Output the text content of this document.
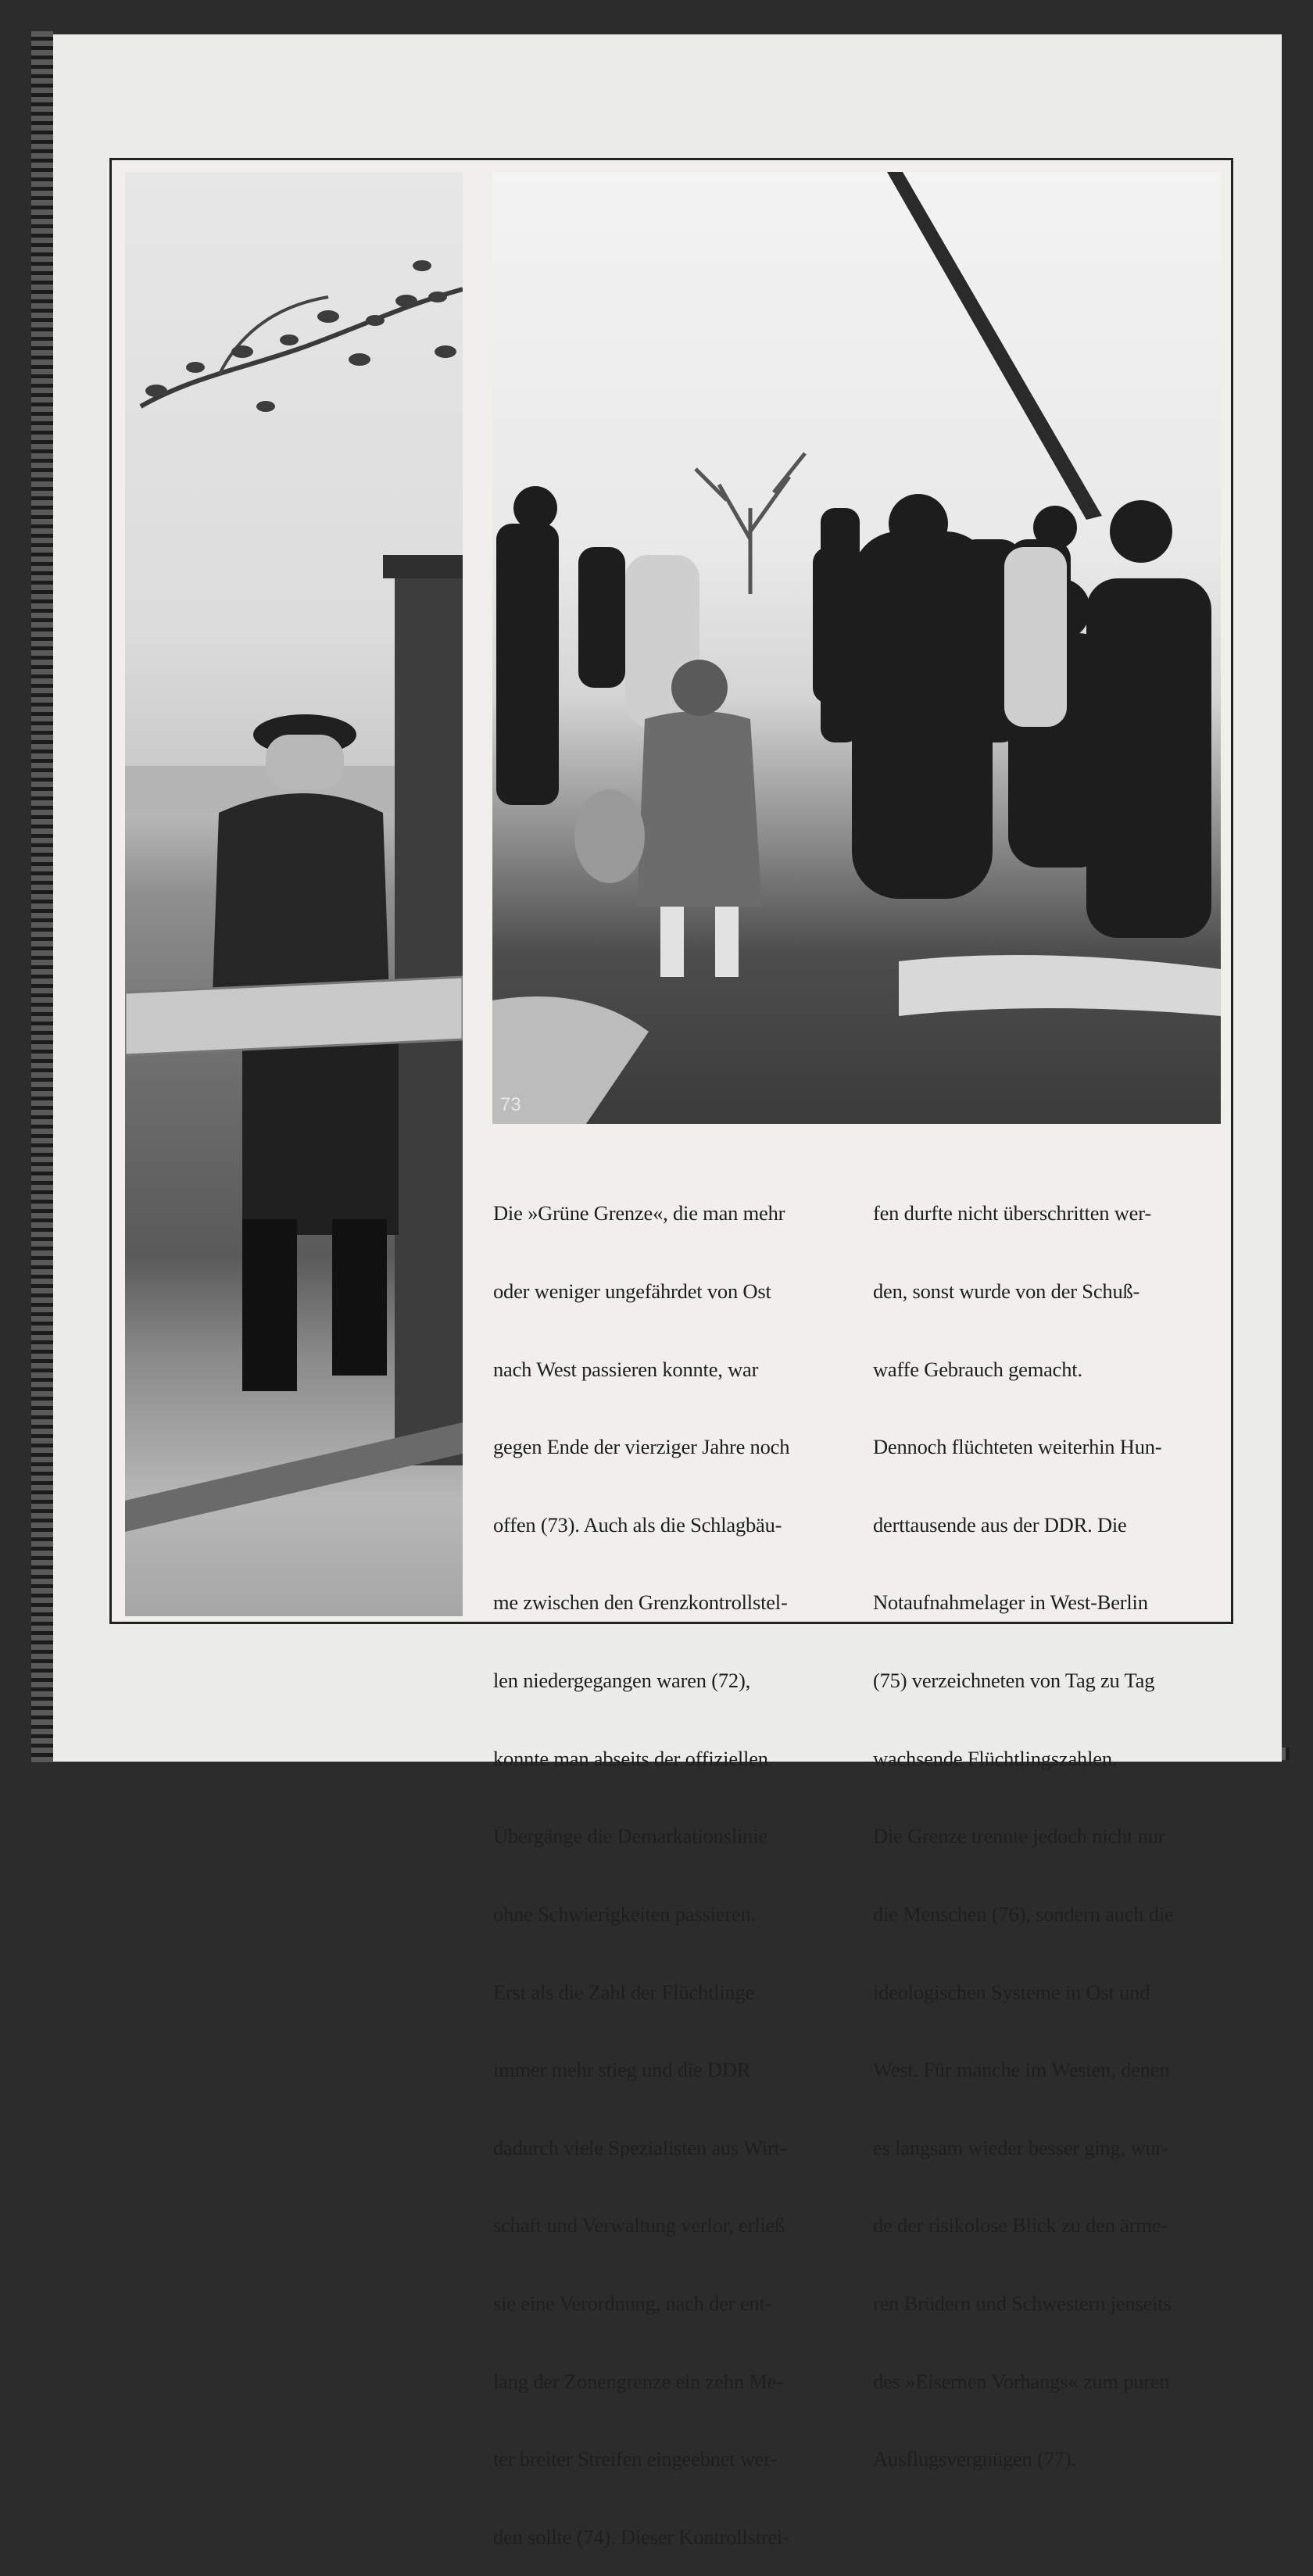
73

Die »Grüne Grenze«, die man mehr

oder weniger ungefährdet von Ost

nach West passieren konnte, war

gegen Ende der vierziger Jahre noch

offen (73). Auch als die Schlagbäu-

me zwischen den Grenzkontrollstel-

len niedergegangen waren (72),

konnte man abseits der offiziellen

Übergänge die Demarkationslinie

ohne Schwierigkeiten passieren.

Erst als die Zahl der Flüchtlinge

immer mehr stieg und die DDR

dadurch viele Spezialisten aus Wirt-

schaft und Verwaltung verlor, erließ

sie eine Verordnung, nach der ent-

lang der Zonengrenze ein zehn Me-

ter breiter Streifen eingeebnet wer-

den sollte (74). Dieser Kontrollstrei-

fen durfte nicht überschritten wer-

den, sonst wurde von der Schuß-

waffe Gebrauch gemacht.

Dennoch flüchteten weiterhin Hun-

derttausende aus der DDR. Die

Notaufnahmelager in West-Berlin

(75) verzeichneten von Tag zu Tag

wachsende Flüchtlingszahlen.

Die Grenze trennte jedoch nicht nur

die Menschen (76), sondern auch die

ideologischen Systeme in Ost und

West. Für manche im Westen, denen

es langsam wieder besser ging, wur-

de der risikolose Blick zu den ärme-

ren Brüdern und Schwestern jenseits

des »Eisernen Vorhangs« zum puren

Ausflugsvergnügen (77).
